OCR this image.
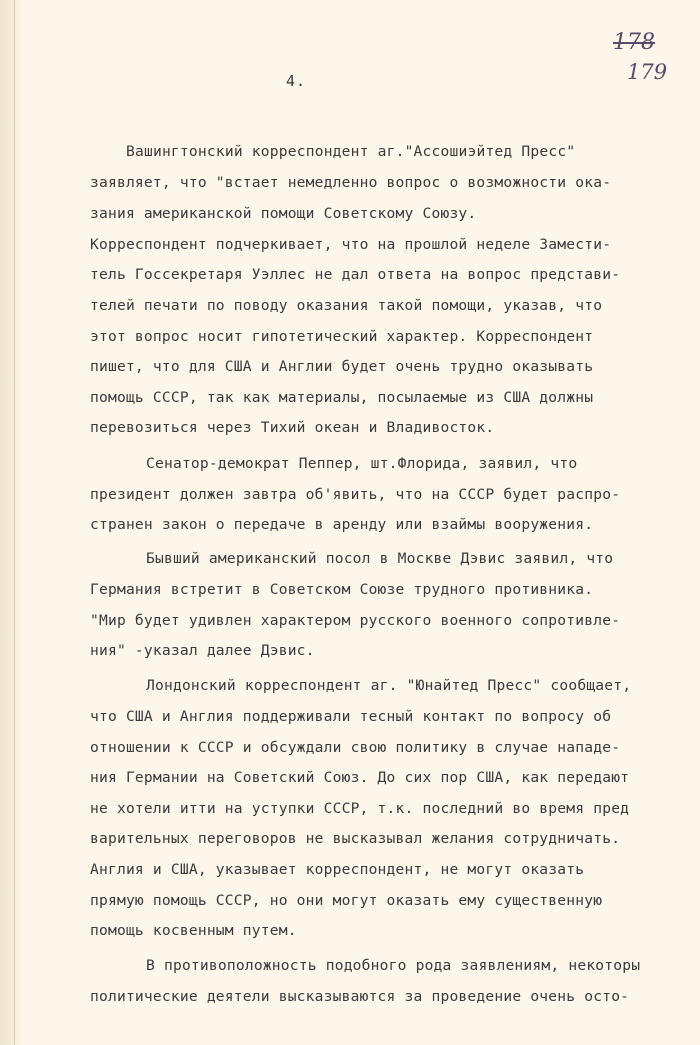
178
179
4.
Вашингтонский корреспондент аг."Ассошиэйтед Пресс"
заявляет, что "встает немедленно вопрос о возможности ока-
зания американской помощи Советскому Союзу.
Корреспондент подчеркивает, что на прошлой неделе Замести-
тель Госсекретаря Уэллес не дал ответа на вопрос представи-
телей печати по поводу оказания такой помощи, указав, что
этот вопрос носит гипотетический характер. Корреспондент
пишет, что для США и Англии будет очень трудно оказывать
помощь СССР, так как материалы, посылаемые из США должны
перевозиться через Тихий океан и Владивосток.
Сенатор-демократ Пеппер, шт.Флорида, заявил, что
президент должен завтра об'явить, что на СССР будет распро-
странен закон о передаче в аренду или взаймы вооружения.
Бывший американский посол в Москве Дэвис заявил, что
Германия встретит в Советском Союзе трудного противника.
"Мир будет удивлен характером русского военного сопротивле-
ния" -указал далее Дэвис.
Лондонский корреспондент аг. "Юнайтед Пресс" сообщает,
что США и Англия поддерживали тесный контакт по вопросу об
отношении к СССР и обсуждали свою политику в случае нападе-
ния Германии на Советский Союз. До сих пор США, как передают
не хотели итти на уступки СССР, т.к. последний во время пред
варительных переговоров не высказывал желания сотрудничать.
Англия и США, указывает корреспондент, не могут оказать
прямую помощь СССР, но они могут оказать ему существенную
помощь косвенным путем.
В противоположность подобного рода заявлениям, некоторы
политические деятели высказываются за проведение очень осто-
